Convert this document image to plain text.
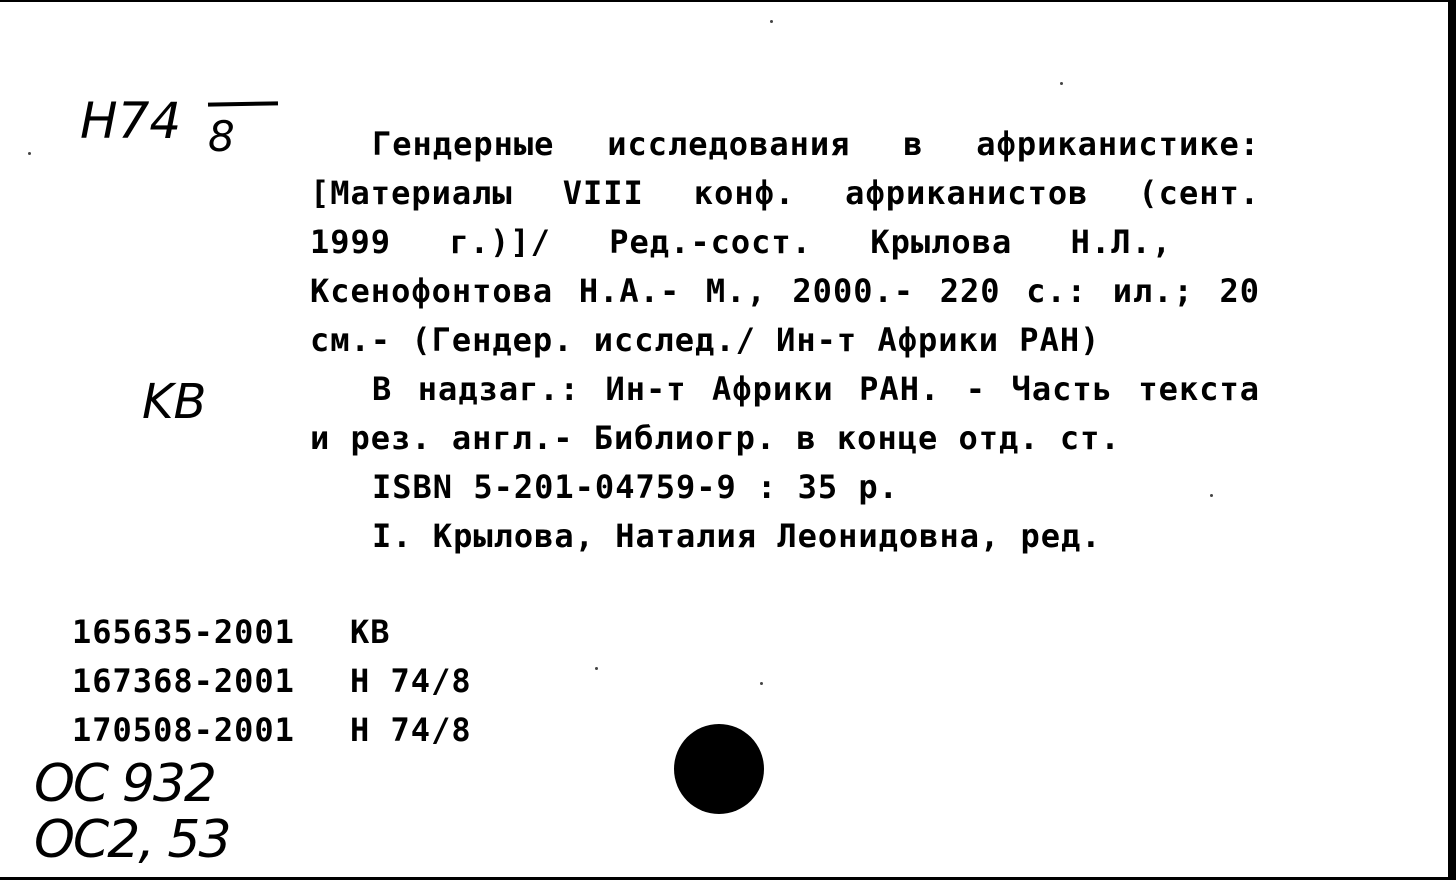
Н74 8
KB

Гендерные исследования в африканистике:

[Материалы VIII конф. африканистов (сент.

1999 г.)]/ Ред.-сост. Крылова Н.Л.,

Ксенофонтова Н.А.- М., 2000.- 220 с.: ил.; 20

см.- (Гендер. исслед./ Ин-т Африки РАН)

В надзаг.: Ин-т Африки РАН. - Часть текста

и рез. англ.- Библиогр. в конце отд. ст.

ISBN 5-201-04759-9 : 35 р.

I. Крылова, Наталия Леонидовна, ред.

165635-2001 КВ
167368-2001 Н 74/8
170508-2001 Н 74/8
ОС 932
ОС2, 53
